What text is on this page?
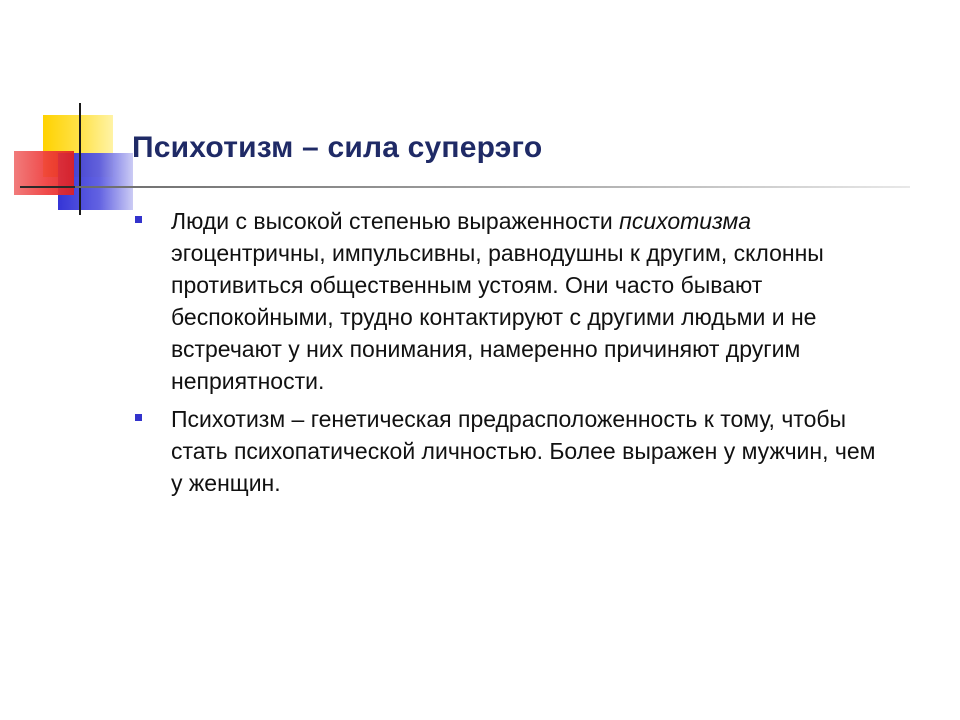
Психотизм – сила суперэго
Люди с высокой степенью выраженности психотизма эгоцентричны, импульсивны, равнодушны к другим, склонны противиться общественным устоям. Они часто бывают беспокойными, трудно контактируют с другими людьми и не встречают у них понимания, намеренно причиняют другим неприятности.
Психотизм – генетическая предрасположенность к тому, чтобы стать психопатической личностью. Более выражен у мужчин, чем у женщин.
